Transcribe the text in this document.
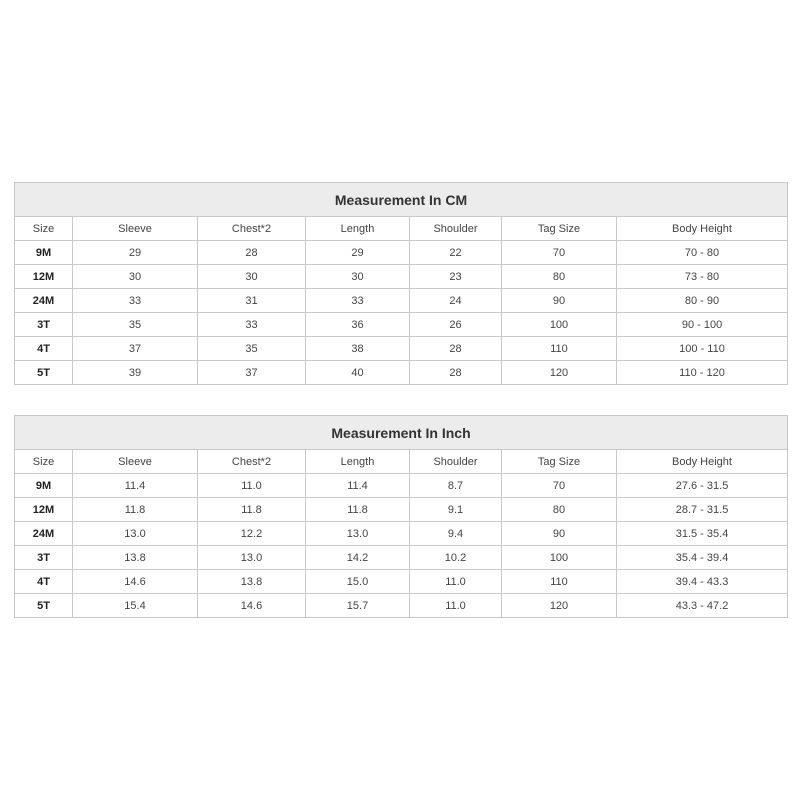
Measurement In CM						
Size	Sleeve	Chest*2	Length	Shoulder	Tag Size	Body Height
9M	29	28	29	22	70	70 - 80
12M	30	30	30	23	80	73 - 80
24M	33	31	33	24	90	80 - 90
3T	35	33	36	26	100	90 - 100
4T	37	35	38	28	110	100 - 110
5T	39	37	40	28	120	110 - 120
Measurement In Inch						
Size	Sleeve	Chest*2	Length	Shoulder	Tag Size	Body Height
9M	11.4	11.0	11.4	8.7	70	27.6 - 31.5
12M	11.8	11.8	11.8	9.1	80	28.7 - 31.5
24M	13.0	12.2	13.0	9.4	90	31.5 - 35.4
3T	13.8	13.0	14.2	10.2	100	35.4 - 39.4
4T	14.6	13.8	15.0	11.0	110	39.4 - 43.3
5T	15.4	14.6	15.7	11.0	120	43.3 - 47.2
